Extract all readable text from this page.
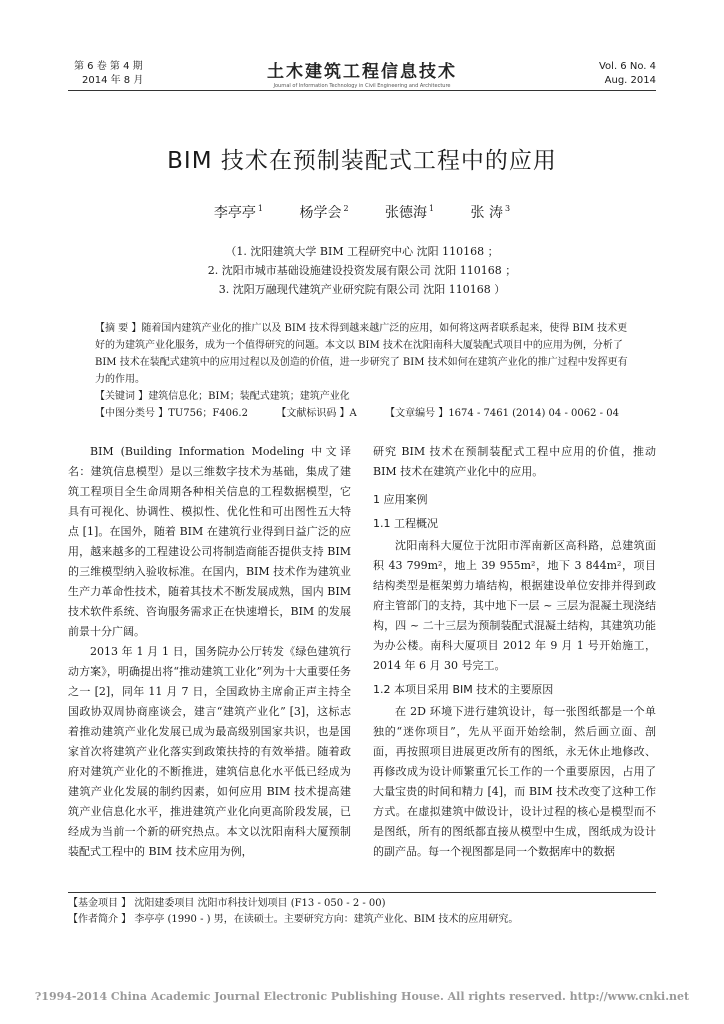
第 6 卷 第 4 期
2014 年 8 月	土木建筑工程信息技术
Journal of Information Technology in Civil Engineering and Architecture
Vol. 6 No. 4
Aug. 2014
BIM 技术在预制装配式工程中的应用
李亭亭 $^1$	杨学会 $^2$	张德海 $^1$	张 涛 $^3$
（1. 沈阳建筑大学 BIM 工程研究中心 沈阳 110168 ；
2. 沈阳市城市基础设施建设投资发展有限公司 沈阳 110168 ；
3. 沈阳万融现代建筑产业研究院有限公司 沈阳 110168 ）
【摘 要 】随着国内建筑产业化的推广以及 BIM 技术得到越来越广泛的应用，如何将这两者联系起来，使得 BIM 技术更好的为建筑产业化服务，成为一个值得研究的问题。本文以 BIM 技术在沈阳南科大厦装配式项目中的应用为例，分析了 BIM 技术在装配式建筑中的应用过程以及创造的价值，进一步研究了 BIM 技术如何在建筑产业化的推广过程中发挥更有力的作用。
【关键词 】建筑信息化；BIM；装配式建筑；建筑产业化
【中图分类号 】TU756；F406.2	【文献标识码 】A	【文章编号 】1674 - 7461 (2014) 04 - 0062 - 04

BIM (Building Information Modeling 中文译名：建筑信息模型）是以三维数字技术为基础，集成了建筑工程项目全生命周期各种相关信息的工程数据模型，它具有可视化、协调性、模拟性、优化性和可出图性五大特点 [1]。在国外，随着 BIM 在建筑行业得到日益广泛的应用，越来越多的工程建设公司将制造商能否提供支持 BIM 的三维模型纳入验收标准。在国内，BIM 技术作为建筑业生产力革命性技术，随着其技术不断发展成熟，国内 BIM 技术软件系统、咨询服务需求正在快速增长，BIM 的发展前景十分广阔。

2013 年 1 月 1 日，国务院办公厅转发《绿色建筑行动方案》，明确提出将“推动建筑工业化”列为十大重要任务之一 [2]，同年 11 月 7 日，全国政协主席俞正声主持全国政协双周协商座谈会，建言“建筑产业化” [3]，这标志着推动建筑产业化发展已成为最高级别国家共识，也是国家首次将建筑产业化落实到政策扶持的有效举措。随着政府对建筑产业化的不断推进，建筑信息化水平低已经成为建筑产业化发展的制约因素，如何应用 BIM 技术提高建筑产业信息化水平，推进建筑产业化向更高阶段发展，已经成为当前一个新的研究热点。本文以沈阳南科大厦预制装配式工程中的 BIM 技术应用为例，

研究 BIM 技术在预制装配式工程中应用的价值，推动 BIM 技术在建筑产业化中的应用。

1 应用案例
1.1 工程概况

沈阳南科大厦位于沈阳市浑南新区高科路，总建筑面积 43 799m²，地上 39 955m²，地下 3 844m²，项目结构类型是框架剪力墙结构，根据建设单位安排并得到政府主管部门的支持，其中地下一层 ~ 三层为混凝土现浇结构，四 ~ 二十三层为预制装配式混凝土结构，其建筑功能为办公楼。南科大厦项目 2012 年 9 月 1 号开始施工，2014 年 6 月 30 号完工。

1.2 本项目采用 BIM 技术的主要原因

在 2D 环境下进行建筑设计，每一张图纸都是一个单独的“迷你项目”，先从平面开始绘制，然后画立面、剖面，再按照项目进展更改所有的图纸，永无休止地修改、再修改成为设计师繁重冗长工作的一个重要原因，占用了大量宝贵的时间和精力 [4]，而 BIM 技术改变了这种工作方式。在虚拟建筑中做设计，设计过程的核心是模型而不是图纸，所有的图纸都直接从模型中生成，图纸成为设计的副产品。每一个视图都是同一个数据库中的数据

【基金项目 】 沈阳建委项目 沈阳市科技计划项目 (F13 - 050 - 2 - 00)
【作者简介 】 李亭亭 (1990 - ) 男，在读硕士。主要研究方向：建筑产业化、BIM 技术的应用研究。
?1994-2014 China Academic Journal Electronic Publishing House. All rights reserved. http://www.cnki.net
